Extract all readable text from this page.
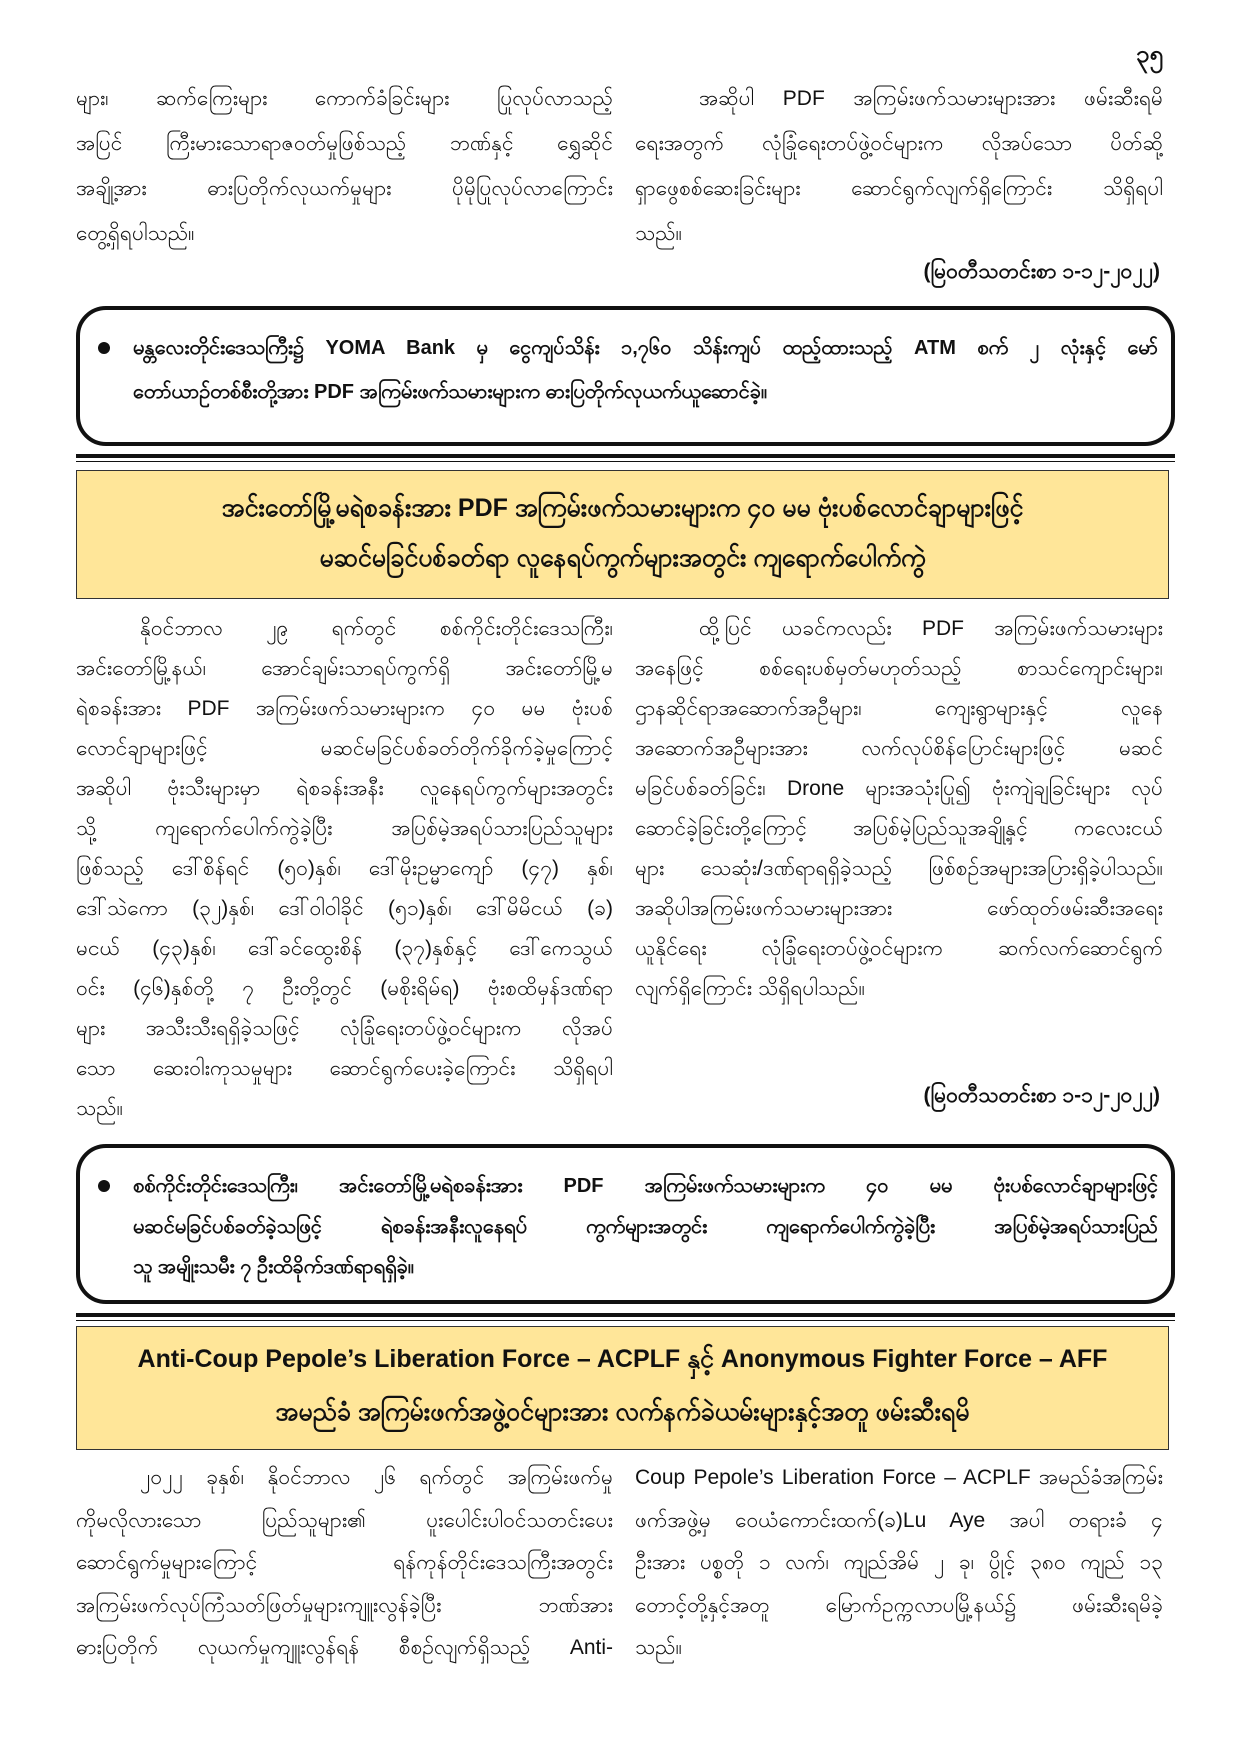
၃၅
များ၊ ဆက်ကြေးများ ကောက်ခံခြင်းများ ပြုလုပ်လာသည့်
အပြင် ကြီးမားသောရာဇဝတ်မှုဖြစ်သည့် ဘဏ်နှင့် ရွှေဆိုင်
အချို့အား ဓားပြတိုက်လုယက်မှုများ ပိုမိုပြုလုပ်လာကြောင်း
တွေ့ရှိရပါသည်။
အဆိုပါ PDF အကြမ်းဖက်သမားများအား ဖမ်းဆီးရမိ
ရေးအတွက် လုံခြုံရေးတပ်ဖွဲ့ဝင်များက လိုအပ်သော ပိတ်ဆို့
ရှာဖွေစစ်ဆေးခြင်းများ ဆောင်ရွက်လျက်ရှိကြောင်း သိရှိရပါ
သည်။
(မြဝတီသတင်းစာ ၁-၁၂-၂၀၂၂)
မန္တလေးတိုင်းဒေသကြီး၌ YOMA Bank မှ ငွေကျပ်သိန်း ၁,၇၆၀ သိန်းကျပ် ထည့်ထားသည့် ATM စက် ၂ လုံးနှင့် မော်
တော်ယာဉ်တစ်စီးတို့အား PDF အကြမ်းဖက်သမားများက ဓားပြတိုက်လုယက်ယူဆောင်ခဲ့။
အင်းတော်မြို့မရဲစခန်းအား PDF အကြမ်းဖက်သမားများက ၄၀ မမ ဗုံးပစ်လောင်ချာများဖြင့်
မဆင်မခြင်ပစ်ခတ်ရာ လူနေရပ်ကွက်များအတွင်း ကျရောက်ပေါက်ကွဲ
နိုဝင်ဘာလ ၂၉ ရက်တွင် စစ်ကိုင်းတိုင်းဒေသကြီး၊
အင်းတော်မြို့နယ်၊ အောင်ချမ်းသာရပ်ကွက်ရှိ အင်းတော်မြို့မ
ရဲစခန်းအား PDF အကြမ်းဖက်သမားများက ၄၀ မမ ဗုံးပစ်
လောင်ချာများဖြင့် မဆင်မခြင်ပစ်ခတ်တိုက်ခိုက်ခဲ့မှုကြောင့်
အဆိုပါ ဗုံးသီးများမှာ ရဲစခန်းအနီး လူနေရပ်ကွက်များအတွင်း
သို့ ကျရောက်ပေါက်ကွဲခဲ့ပြီး အပြစ်မဲ့အရပ်သားပြည်သူများ
ဖြစ်သည့် ဒေါ်စိန်ရင် (၅၀)နှစ်၊ ဒေါ်မိုးဥမ္မာကျော် (၄၇) နှစ်၊
ဒေါ်သဲကော (၃၂)နှစ်၊ ဒေါ်ဝါဝါခိုင် (၅၁)နှစ်၊ ဒေါ်မိမိငယ် (ခ)
မငယ် (၄၃)နှစ်၊ ဒေါ်ခင်ထွေးစိန် (၃၇)နှစ်နှင့် ဒေါ်ကေသွယ်
ဝင်း (၄၆)နှစ်တို့ ၇ ဦးတို့တွင် (မစိုးရိမ်ရ) ဗုံးစထိမှန်ဒဏ်ရာ
များ အသီးသီးရရှိခဲ့သဖြင့် လုံခြုံရေးတပ်ဖွဲ့ဝင်များက လိုအပ်
သော ဆေးဝါးကုသမှုများ ဆောင်ရွက်ပေးခဲ့ကြောင်း သိရှိရပါ
သည်။
ထို့ပြင် ယခင်ကလည်း PDF အကြမ်းဖက်သမားများ
အနေဖြင့် စစ်ရေးပစ်မှတ်မဟုတ်သည့် စာသင်ကျောင်းများ၊
ဌာနဆိုင်ရာအဆောက်အဦများ၊ ကျေးရွာများနှင့် လူနေ
အဆောက်အဦများအား လက်လုပ်စိန်ပြောင်းများဖြင့် မဆင်
မခြင်ပစ်ခတ်ခြင်း၊ Drone များအသုံးပြု၍ ဗုံးကျဲချခြင်းများ လုပ်
ဆောင်ခဲ့ခြင်းတို့ကြောင့် အပြစ်မဲ့ပြည်သူအချို့နှင့် ကလေးငယ်
များ သေဆုံး/ဒဏ်ရာရရှိခဲ့သည့် ဖြစ်စဉ်အများအပြားရှိခဲ့ပါသည်။
အဆိုပါအကြမ်းဖက်သမားများအား ဖော်ထုတ်ဖမ်းဆီးအရေး
ယူနိုင်ရေး လုံခြုံရေးတပ်ဖွဲ့ဝင်များက ဆက်လက်ဆောင်ရွက်
လျက်ရှိကြောင်း သိရှိရပါသည်။
(မြဝတီသတင်းစာ ၁-၁၂-၂၀၂၂)
စစ်ကိုင်းတိုင်းဒေသကြီး၊ အင်းတော်မြို့မရဲစခန်းအား PDF အကြမ်းဖက်သမားများက ၄၀ မမ ဗုံးပစ်လောင်ချာများဖြင့်
မဆင်မခြင်ပစ်ခတ်ခဲ့သဖြင့် ရဲစခန်းအနီးလူနေရပ် ကွက်များအတွင်း ကျရောက်ပေါက်ကွဲခဲ့ပြီး အပြစ်မဲ့အရပ်သားပြည်
သူ အမျိုးသမီး ၇ ဦးထိခိုက်ဒဏ်ရာရရှိခဲ့။
Anti-Coup Pepole’s Liberation Force – ACPLF နှင့် Anonymous Fighter Force – AFF
အမည်ခံ အကြမ်းဖက်အဖွဲ့ဝင်များအား လက်နက်ခဲယမ်းများနှင့်အတူ ဖမ်းဆီးရမိ
၂၀၂၂ ခုနှစ်၊ နိုဝင်ဘာလ ၂၆ ရက်တွင် အကြမ်းဖက်မှု
ကိုမလိုလားသော ပြည်သူများ၏ ပူးပေါင်းပါဝင်သတင်းပေး
ဆောင်ရွက်မှုများကြောင့် ရန်ကုန်တိုင်းဒေသကြီးအတွင်း
အကြမ်းဖက်လုပ်ကြံသတ်ဖြတ်မှုများကျူးလွန်ခဲ့ပြီး ဘဏ်အား
ဓားပြတိုက် လုယက်မှုကျူးလွန်ရန် စီစဉ်လျက်ရှိသည့် Anti-
Coup Pepole’s Liberation Force – ACPLF အမည်ခံအကြမ်း
ဖက်အဖွဲ့မှ ဝေယံကောင်းထက်(ခ)Lu Aye အပါ တရားခံ ၄
ဦးအား ပစ္စတို ၁ လက်၊ ကျည်အိမ် ၂ ခု၊ ပွိုင့် ၃၈၀ ကျည် ၁၃
တောင့်တို့နှင့်အတူ မြောက်ဥက္ကလာပမြို့နယ်၌ ဖမ်းဆီးရမိခဲ့
သည်။
